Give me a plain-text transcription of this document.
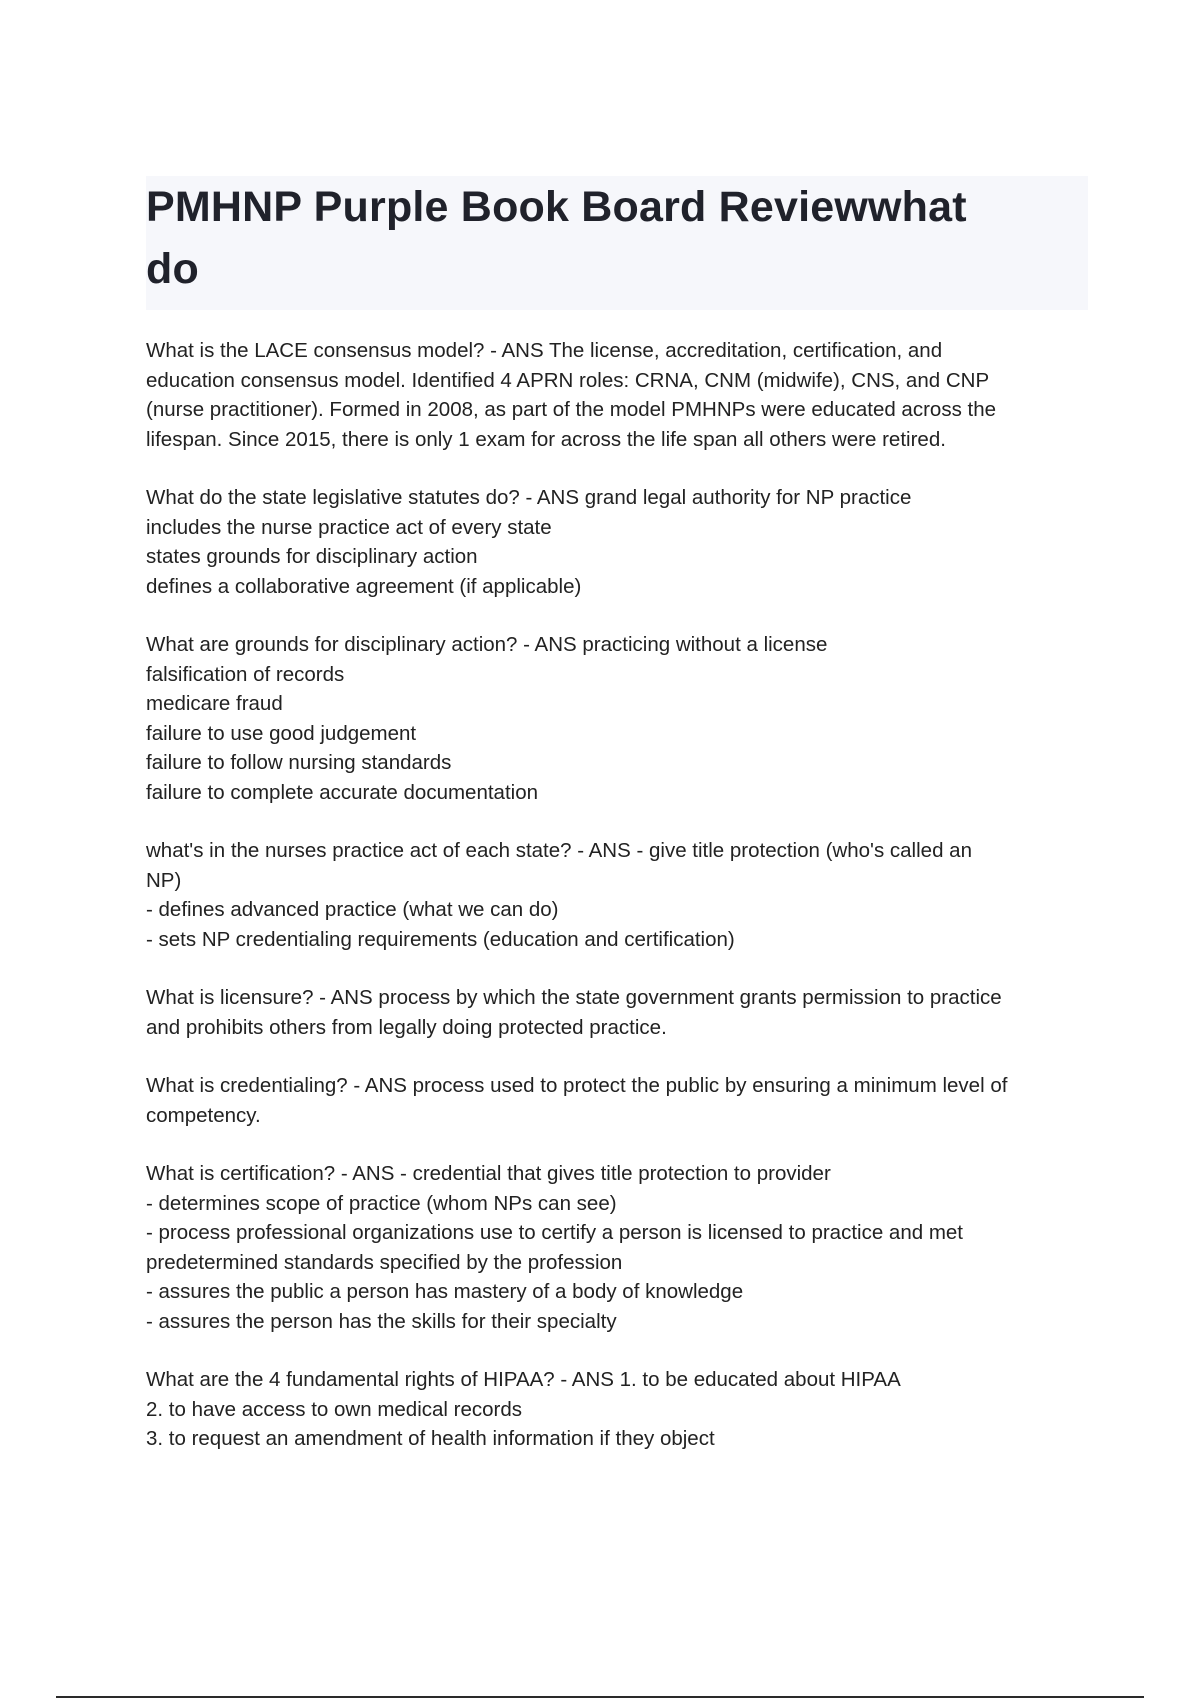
PMHNP Purple Book Board Reviewwhat
do
What is the LACE consensus model? - ANS The license, accreditation, certification, and
education consensus model. Identified 4 APRN roles: CRNA, CNM (midwife), CNS, and CNP
(nurse practitioner). Formed in 2008, as part of the model PMHNPs were educated across the
lifespan. Since 2015, there is only 1 exam for across the life span all others were retired.
What do the state legislative statutes do? - ANS grand legal authority for NP practice
includes the nurse practice act of every state
states grounds for disciplinary action
defines a collaborative agreement (if applicable)
What are grounds for disciplinary action? - ANS practicing without a license
falsification of records
medicare fraud
failure to use good judgement
failure to follow nursing standards
failure to complete accurate documentation
what's in the nurses practice act of each state? - ANS - give title protection (who's called an
NP)
- defines advanced practice (what we can do)
- sets NP credentialing requirements (education and certification)
What is licensure? - ANS process by which the state government grants permission to practice
and prohibits others from legally doing protected practice.
What is credentialing? - ANS process used to protect the public by ensuring a minimum level of
competency.
What is certification? - ANS - credential that gives title protection to provider
- determines scope of practice (whom NPs can see)
- process professional organizations use to certify a person is licensed to practice and met
predetermined standards specified by the profession
- assures the public a person has mastery of a body of knowledge
- assures the person has the skills for their specialty
What are the 4 fundamental rights of HIPAA? - ANS 1. to be educated about HIPAA
2. to have access to own medical records
3. to request an amendment of health information if they object
